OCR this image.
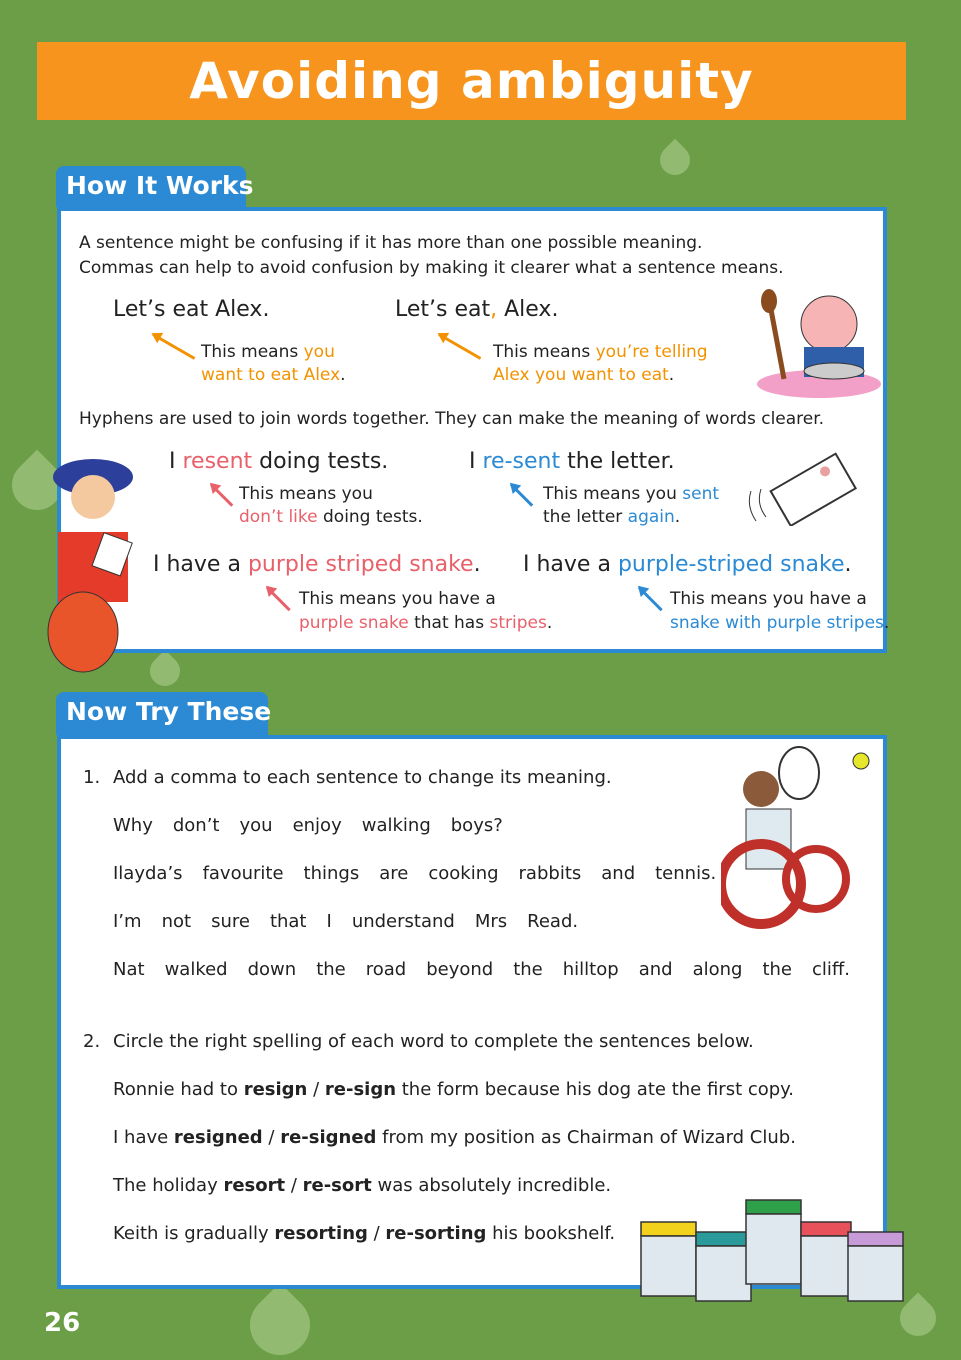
Avoiding ambiguity
How It Works
A sentence might be confusing if it has more than one possible meaning.
Commas can help to avoid confusion by making it clearer what a sentence means.
Let’s eat Alex.
This means you
want to eat Alex.
Let’s eat, Alex.
This means you’re telling
Alex you want to eat.
Hyphens are used to join words together. They can make the meaning of words clearer.
I resent doing tests.
This means you
don’t like doing tests.
I re-sent the letter.
This means you sent
the letter again.
I have a purple striped snake.
This means you have a
purple snake that has stripes.
I have a purple-striped snake.
This means you have a
snake with purple stripes.
Now Try These
1. Add a comma to each sentence to change its meaning.
Why don’t you enjoy walking boys?
Ilayda’s favourite things are cooking rabbits and tennis.
I’m not sure that I understand Mrs Read.
Nat walked down the road beyond the hilltop and along the cliff.
2. Circle the right spelling of each word to complete the sentences below.
Ronnie had to resign / re-sign the form because his dog ate the first copy.
I have resigned / re-signed from my position as Chairman of Wizard Club.
The holiday resort / re-sort was absolutely incredible.
Keith is gradually resorting / re-sorting his bookshelf.
26
